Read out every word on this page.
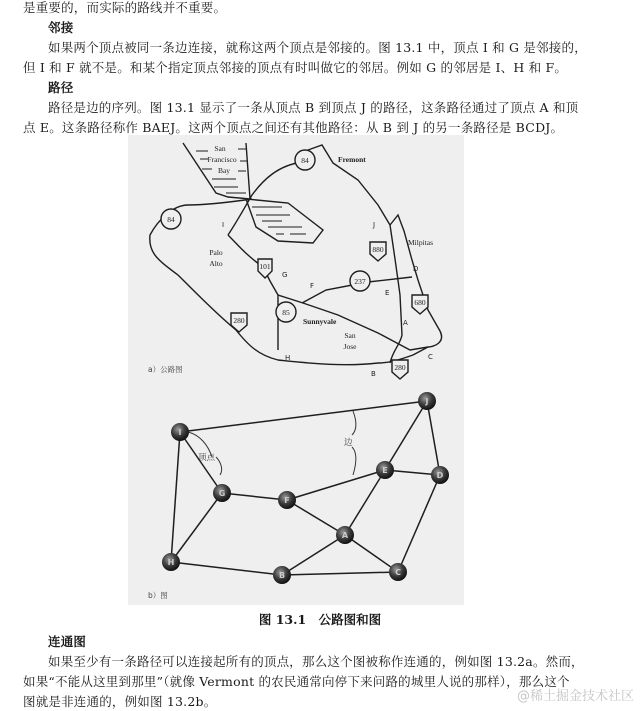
是重要的，而实际的路线并不重要。
邻接
如果两个顶点被同一条边连接，就称这两个顶点是邻接的。图 13.1 中，顶点 I 和 G 是邻接的，
但 I 和 F 就不是。和某个指定顶点邻接的顶点有时叫做它的邻居。例如 G 的邻居是 I、H 和 F。
路径
路径是边的序列。图 13.1 显示了一条从顶点 B 到顶点 J 的路径，这条路径通过了顶点 A 和顶
点 E。这条路径称作 BAEJ。这两个顶点之间还有其他路径：从 B 到 J 的另一条路径是 BCDJ。
84
84
101
880
237
85
680
280
280
San
Francisco
Bay
Fremont
Palo
Alto
Milpitas
Sunnyvale
San
Jose
I	J
G
F
E
D
A
H
B
C
a）公路图
顶点
边
I
G
F
H
B
J
E
D
A
C
b）图
图 13.1　公路图和图
连通图
如果至少有一条路径可以连接起所有的顶点，那么这个图被称作连通的，例如图 13.2a。然而，
如果“不能从这里到那里”（就像 Vermont 的农民通常向停下来问路的城里人说的那样），那么这个
图就是非连通的，例如图 13.2b。	@稀土掘金技术社区
